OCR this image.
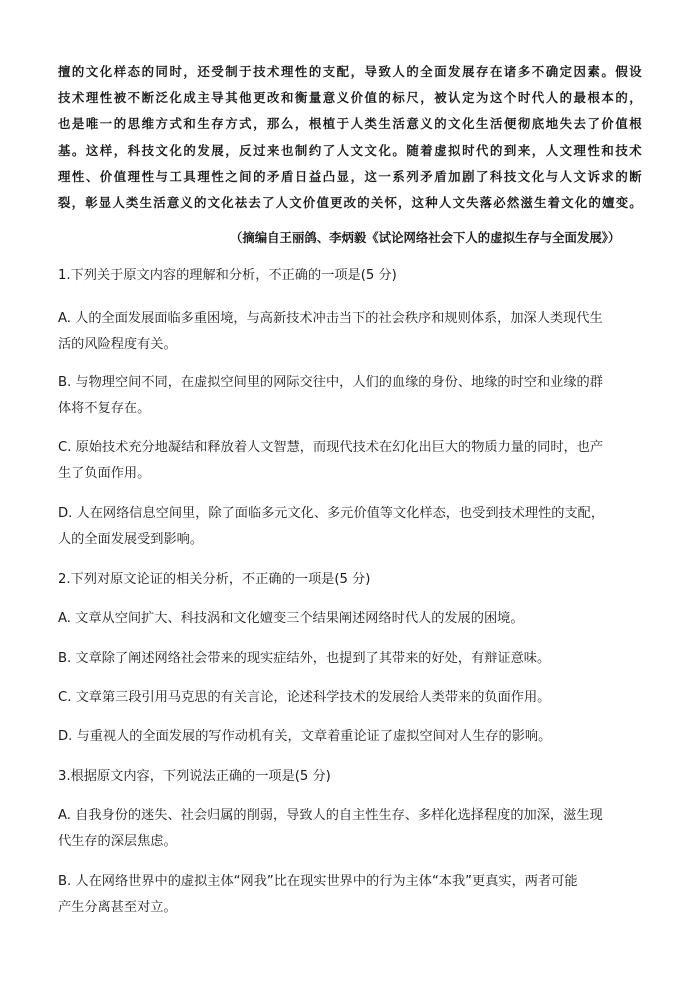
擅的文化样态的同时，还受制于技术理性的支配，导致人的全面发展存在诸多不确定因素。假设
技术理性被不断泛化成主导其他更改和衡量意义价值的标尺，被认定为这个时代人的最根本的，
也是唯一的思维方式和生存方式，那么，根植于人类生活意义的文化生活便彻底地失去了价值根
基。这样，科技文化的发展，反过来也制约了人文文化。随着虚拟时代的到来，人文理性和技术
理性、价值理性与工具理性之间的矛盾日益凸显，这一系列矛盾加剧了科技文化与人文诉求的断
裂，彰显人类生活意义的文化祛去了人文价值更改的关怀，这种人文失落必然滋生着文化的嬗变。
（摘编自王丽鸽、李炳毅《试论网络社会下人的虚拟生存与全面发展》）
1.下列关于原文内容的理解和分析，不正确的一项是(5 分)
A. 人的全面发展面临多重困境，与高新技术冲击当下的社会秩序和规则体系，加深人类现代生
活的风险程度有关。
B. 与物理空间不同，在虚拟空间里的网际交往中，人们的血缘的身份、地缘的时空和业缘的群
体将不复存在。
C. 原始技术充分地凝结和释放着人文智慧，而现代技术在幻化出巨大的物质力量的同时，也产
生了负面作用。
D. 人在网络信息空间里，除了面临多元文化、多元价值等文化样态，也受到技术理性的支配，
人的全面发展受到影响。
2.下列对原文论证的相关分析，不正确的一项是(5 分)
A. 文章从空间扩大、科技涡和文化嬗变三个结果阐述网络时代人的发展的困境。
B. 文章除了阐述网络社会带来的现实症结外，也提到了其带来的好处，有辩证意味。
C. 文章第三段引用马克思的有关言论，论述科学技术的发展给人类带来的负面作用。
D. 与重视人的全面发展的写作动机有关，文章着重论证了虚拟空间对人生存的影响。
3.根据原文内容，下列说法正确的一项是(5 分)
A. 自我身份的迷失、社会归属的削弱，导致人的自主性生存、多样化选择程度的加深，滋生现
代生存的深层焦虑。
B. 人在网络世界中的虚拟主体“网我”比在现实世界中的行为主体“本我”更真实，两者可能
产生分离甚至对立。
